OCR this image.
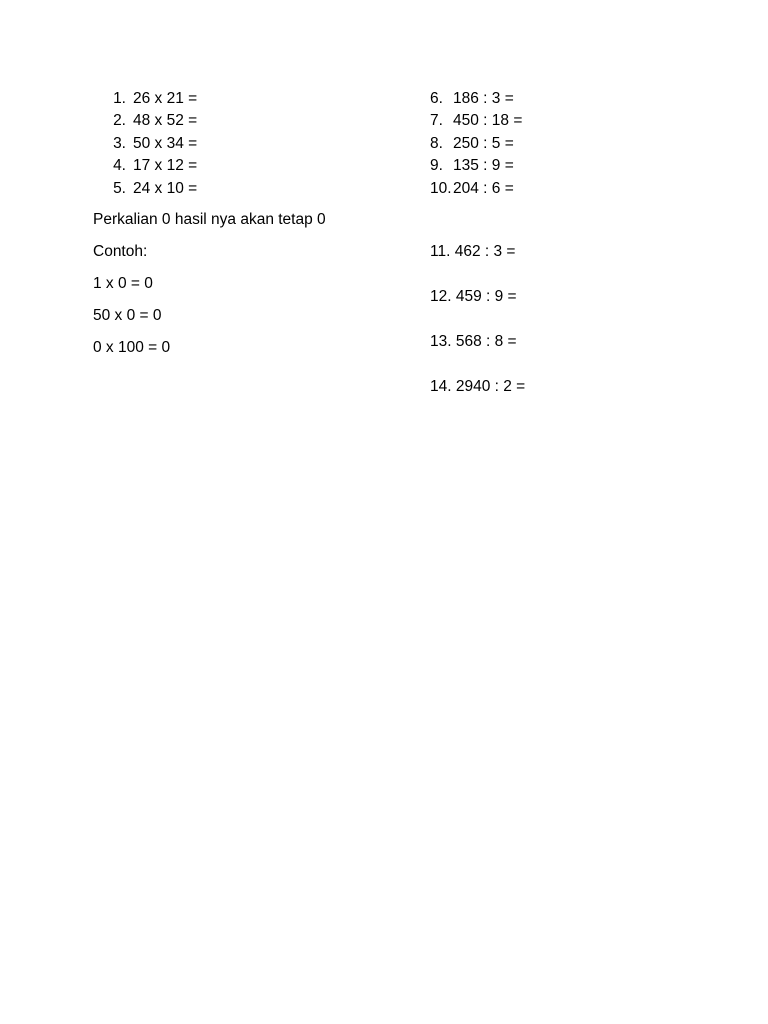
1. 26 x 21 =
2. 48 x 52 =
3. 50 x 34 =
4. 17 x 12 =
5. 24 x 10 =
Perkalian 0 hasil nya akan tetap 0
Contoh:
1 x 0 = 0
50 x 0 = 0
0 x 100 = 0
6. 186 : 3 =
7. 450 : 18 =
8. 250 : 5 =
9. 135 : 9 =
10. 204 : 6 =
11. 462 : 3 =
12. 459 : 9 =
13. 568 : 8 =
14. 2940 : 2 =
